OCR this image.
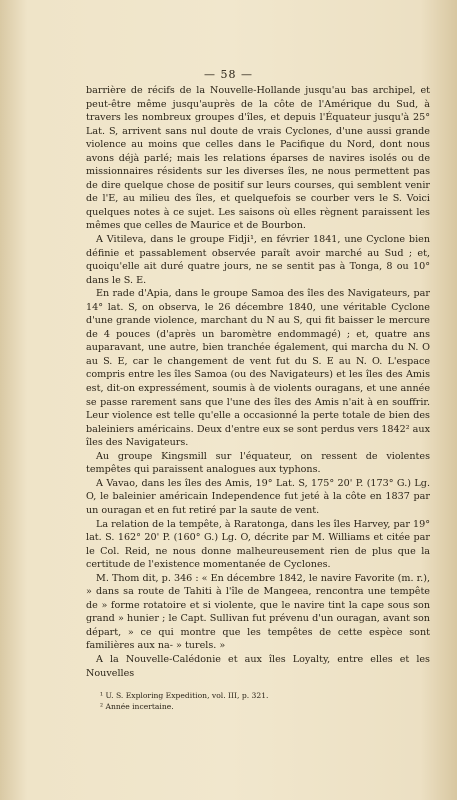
— 58 —

barrière de récifs de la Nouvelle-Hollande jusqu'au bas archipel, et peut-être même jusqu'auprès de la côte de l'Amérique du Sud, à travers les nombreux groupes d'îles, et depuis l'Équateur jusqu'à 25° Lat. S, arrivent sans nul doute de vrais Cyclones, d'une aussi grande violence au moins que celles dans le Pacifique du Nord, dont nous avons déjà parlé; mais les relations éparses de navires isolés ou de missionnaires résidents sur les diverses îles, ne nous permettent pas de dire quelque chose de positif sur leurs courses, qui semblent venir de l'E, au milieu des îles, et quelquefois se courber vers le S. Voici quelques notes à ce sujet. Les saisons où elles règnent paraissent les mêmes que celles de Maurice et de Bourbon.

A Vitileva, dans le groupe Fidji¹, en février 1841, une Cyclone bien définie et passablement observée paraît avoir marché au Sud ; et, quoiqu'elle ait duré quatre jours, ne se sentit pas à Tonga, 8 ou 10° dans le S. E.

En rade d'Apia, dans le groupe Samoa des îles des Navigateurs, par 14° lat. S, on observa, le 26 décembre 1840, une véritable Cyclone d'une grande violence, marchant du N au S, qui fit baisser le mercure de 4 pouces (d'après un baromètre endommagé) ; et, quatre ans auparavant, une autre, bien tranchée également, qui marcha du N. O au S. E, car le changement de vent fut du S. E au N. O. L'espace compris entre les îles Samoa (ou des Navigateurs) et les îles des Amis est, dit-on expressément, soumis à de violents ouragans, et une année se passe rarement sans que l'une des îles des Amis n'ait à en souffrir. Leur violence est telle qu'elle a occasionné la perte totale de bien des baleiniers américains. Deux d'entre eux se sont perdus vers 1842² aux îles des Navigateurs.

Au groupe Kingsmill sur l'équateur, on ressent de violentes tempêtes qui paraissent analogues aux typhons.

A Vavao, dans les îles des Amis, 19° Lat. S, 175° 20' P. (173° G.) Lg. O, le baleinier américain Independence fut jeté à la côte en 1837 par un ouragan et en fut retiré par la saute de vent.

La relation de la tempête, à Raratonga, dans les îles Harvey, par 19° lat. S. 162° 20' P. (160° G.) Lg. O, décrite par M. Williams et citée par le Col. Reid, ne nous donne malheureusement rien de plus que la certitude de l'existence momentanée de Cyclones.

M. Thom dit, p. 346 : « En décembre 1842, le navire Favorite (m. r.), » dans sa route de Tahiti à l'île de Mangeea, rencontra une tempête de » forme rotatoire et si violente, que le navire tint la cape sous son grand » hunier ; le Capt. Sullivan fut prévenu d'un ouragan, avant son départ, » ce qui montre que les tempêtes de cette espèce sont familières aux na- » turels. »

A la Nouvelle-Calédonie et aux îles Loyalty, entre elles et les Nouvelles

¹ U. S. Exploring Expedition, vol. III, p. 321.

² Année incertaine.
